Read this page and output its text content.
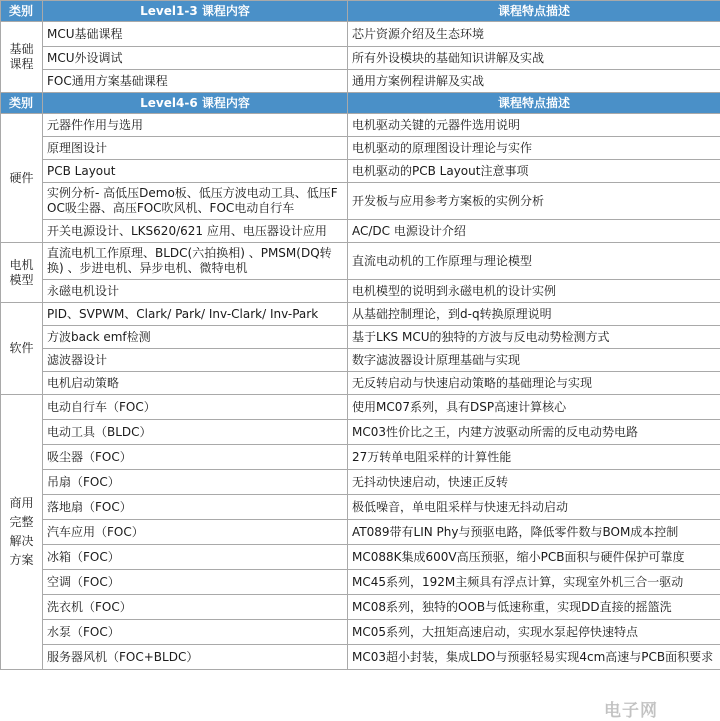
类别	Level1-3 课程内容	课程特点描述
基础课程	MCU基础课程	芯片资源介绍及生态环境
	MCU外设调试	所有外设模块的基础知识讲解及实战
	FOC通用方案基础课程	通用方案例程讲解及实战
类别	Level4-6 课程内容	课程特点描述
硬件	元器件作用与选用	电机驱动关键的元器件选用说明
	原理图设计	电机驱动的原理图设计理论与实作
	PCB Layout	电机驱动的PCB Layout注意事项
	实例分析- 高低压Demo板、低压方波电动工具、低压FOC吸尘器、高压FOC吹风机、FOC电动自行车	开发板与应用参考方案板的实例分析
	开关电源设计、LKS620/621 应用、电压器设计应用	AC/DC 电源设计介绍
电机模型	直流电机工作原理、BLDC(六拍换相) 、PMSM(DQ转换) 、步进电机、异步电机、微特电机	直流电动机的工作原理与理论模型
	永磁电机设计	电机模型的说明到永磁电机的设计实例
软件	PID、SVPWM、Clark/ Park/ Inv-Clark/ Inv-Park	从基础控制理论，到d-q转换原理说明
	方波back emf检测	基于LKS MCU的独特的方波与反电动势检测方式
	滤波器设计	数字滤波器设计原理基础与实现
	电机启动策略	无反转启动与快速启动策略的基础理论与实现
商用完整解决方案	电动自行车（FOC）	使用MC07系列，具有DSP高速计算核心
	电动工具（BLDC）	MC03性价比之王，内建方波驱动所需的反电动势电路
	吸尘器（FOC）	27万转单电阻采样的计算性能
	吊扇（FOC）	无抖动快速启动，快速正反转
	落地扇（FOC）	极低噪音，单电阻采样与快速无抖动启动
	汽车应用（FOC）	AT089带有LIN Phy与预驱电路，降低零件数与BOM成本控制
	冰箱（FOC）	MC088K集成600V高压预驱，缩小PCB面积与硬件保护可靠度
	空调（FOC）	MC45系列，192M主频具有浮点计算，实现室外机三合一驱动
	洗衣机（FOC）	MC08系列，独特的OOB与低速称重，实现DD直接的摇篮洗
	水泵（FOC）	MC05系列，大扭矩高速启动，实现水泵起停快速特点
	服务器风机（FOC+BLDC）	MC03超小封装，集成LDO与预驱轻易实现4cm高速与PCB面积要求
电子网
